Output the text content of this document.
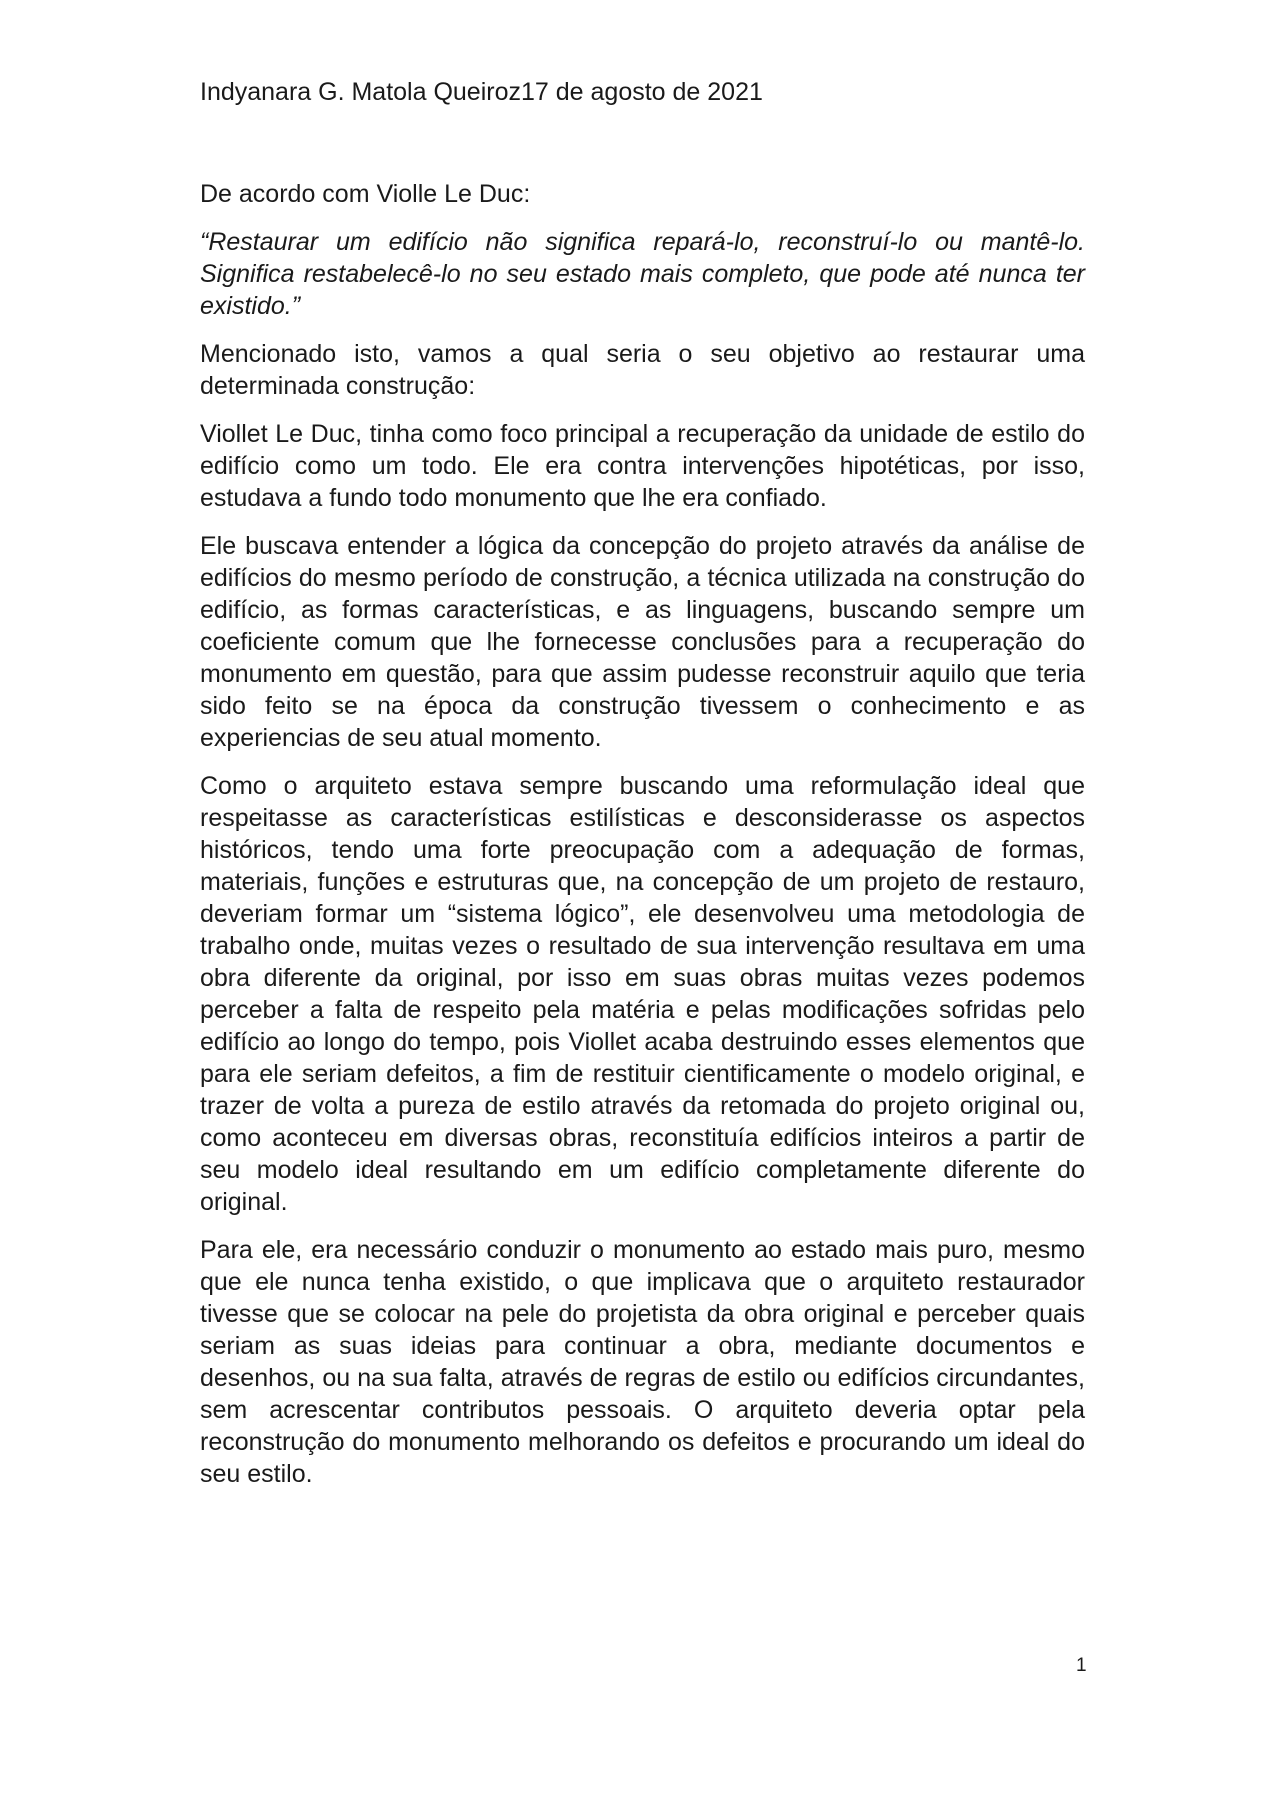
Indyanara G. Matola Queiroz17 de agosto de 2021

De acordo com Violle Le Duc:

“Restaurar um edifício não significa repará-lo, reconstruí-lo ou mantê-lo. Significa restabelecê-lo no seu estado mais completo, que pode até nunca ter existido.”

Mencionado isto, vamos a qual seria o seu objetivo ao restaurar uma determinada construção:

Viollet Le Duc, tinha como foco principal a recuperação da unidade de estilo do edifício como um todo. Ele era contra intervenções hipotéticas, por isso, estudava a fundo todo monumento que lhe era confiado.

Ele buscava entender a lógica da concepção do projeto através da análise de edifícios do mesmo período de construção, a técnica utilizada na construção do edifício, as formas características, e as linguagens, buscando sempre um coeficiente comum que lhe fornecesse conclusões para a recuperação do monumento em questão, para que assim pudesse reconstruir aquilo que teria sido feito se na época da construção tivessem o conhecimento e as experiencias de seu atual momento.

Como o arquiteto estava sempre buscando uma reformulação ideal que respeitasse as características estilísticas e desconsiderasse os aspectos históricos, tendo uma forte preocupação com a adequação de formas, materiais, funções e estruturas que, na concepção de um projeto de restauro, deveriam formar um “sistema lógico”, ele desenvolveu uma metodologia de trabalho onde, muitas vezes o resultado de sua intervenção resultava em uma obra diferente da original, por isso em suas obras muitas vezes podemos perceber a falta de respeito pela matéria e pelas modificações sofridas pelo edifício ao longo do tempo, pois Viollet acaba destruindo esses elementos que para ele seriam defeitos, a fim de restituir cientificamente o modelo original, e trazer de volta a pureza de estilo através da retomada do projeto original ou, como aconteceu em diversas obras, reconstituía edifícios inteiros a partir de seu modelo ideal resultando em um edifício completamente diferente do original.

Para ele, era necessário conduzir o monumento ao estado mais puro, mesmo que ele nunca tenha existido, o que implicava que o arquiteto restaurador tivesse que se colocar na pele do projetista da obra original e perceber quais seriam as suas ideias para continuar a obra, mediante documentos e desenhos, ou na sua falta, através de regras de estilo ou edifícios circundantes, sem acrescentar contributos pessoais. O arquiteto deveria optar pela reconstrução do monumento melhorando os defeitos e procurando um ideal do seu estilo.

1
